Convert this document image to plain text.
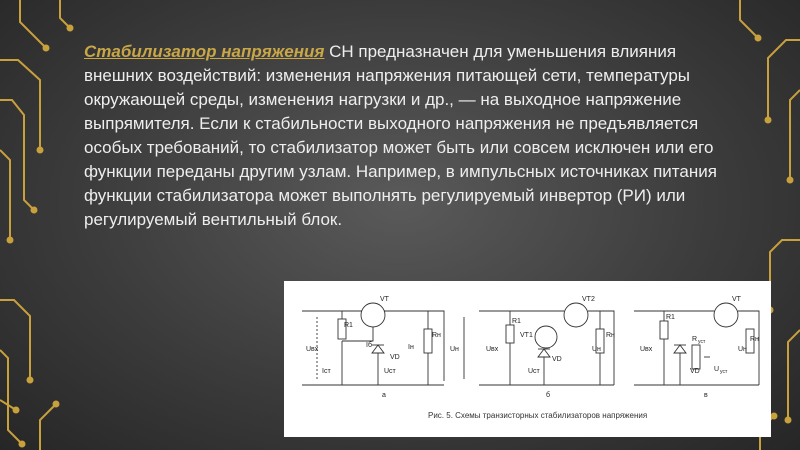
Стабилизатор напряжения СН предназначен для уменьшения влияния внешних воздействий: изменения напряжения питающей сети, температуры окружающей среды, изменения нагрузки и др., — на выходное напряжение выпрямителя. Если к стабильности выходного напряжения не предъявляется особых требований, то стабилизатор может быть или совсем исключен или его функции переданы другим узлам. Например, в импульсных источниках питания функции стабилизатора может выполнять регулируемый инвертор (РИ) или регулируемый вентильный блок.
VT
R1
Rн
Uвх	Uн
Iб	Iн
Iст	Uст
VD
a
VT2
VT1
R1
Rн
Uвх	Uн
Uст
VD
б
VT
R1
Rн
Uвх	Uн
VD
R уст
U уст
в
Рис. 5. Схемы транзисторных стабилизаторов напряжения
